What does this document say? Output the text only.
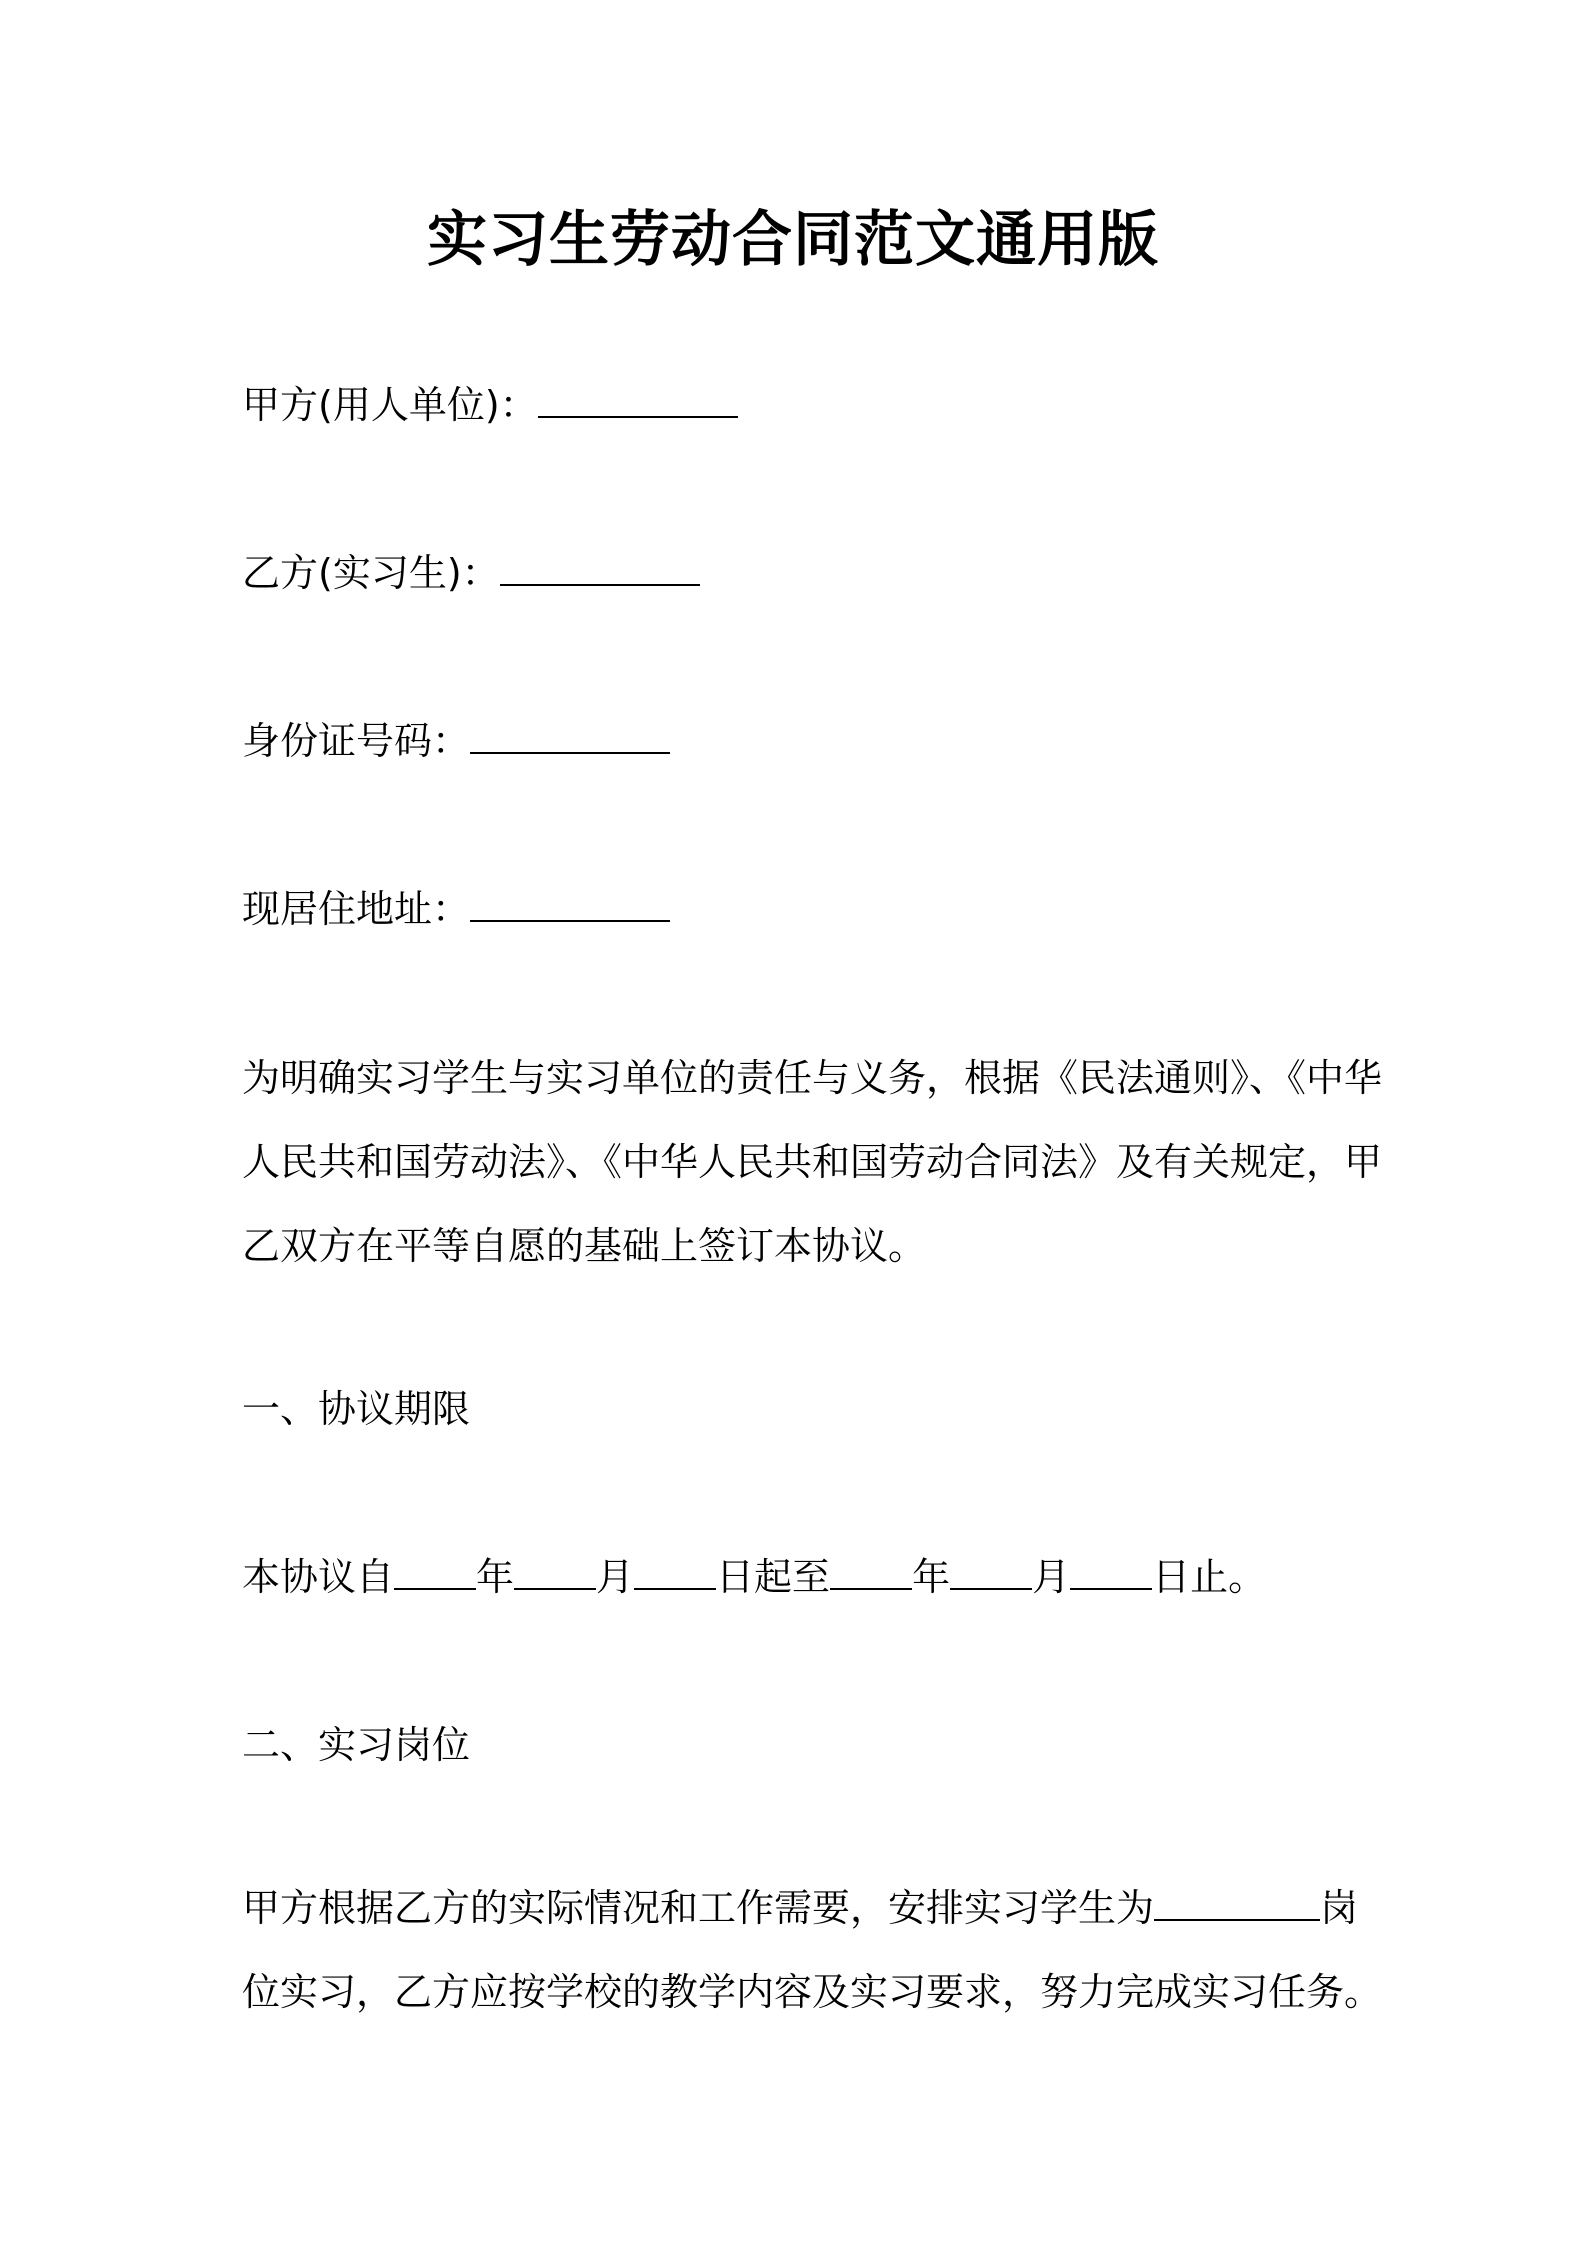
实习生劳动合同范文通用版
甲方(用人单位)：
乙方(实习生)：
身份证号码：
现居住地址：
为明确实习学生与实习单位的责任与义务，根据《民法通则》、《中华
人民共和国劳动法》、《中华人民共和国劳动合同法》及有关规定，甲
乙双方在平等自愿的基础上签订本协议。
一、协议期限
本协议自 年 月 日起至 年 月 日止。
二、实习岗位
甲方根据乙方的实际情况和工作需要，安排实习学生为	岗
位实习，乙方应按学校的教学内容及实习要求，努力完成实习任务。
